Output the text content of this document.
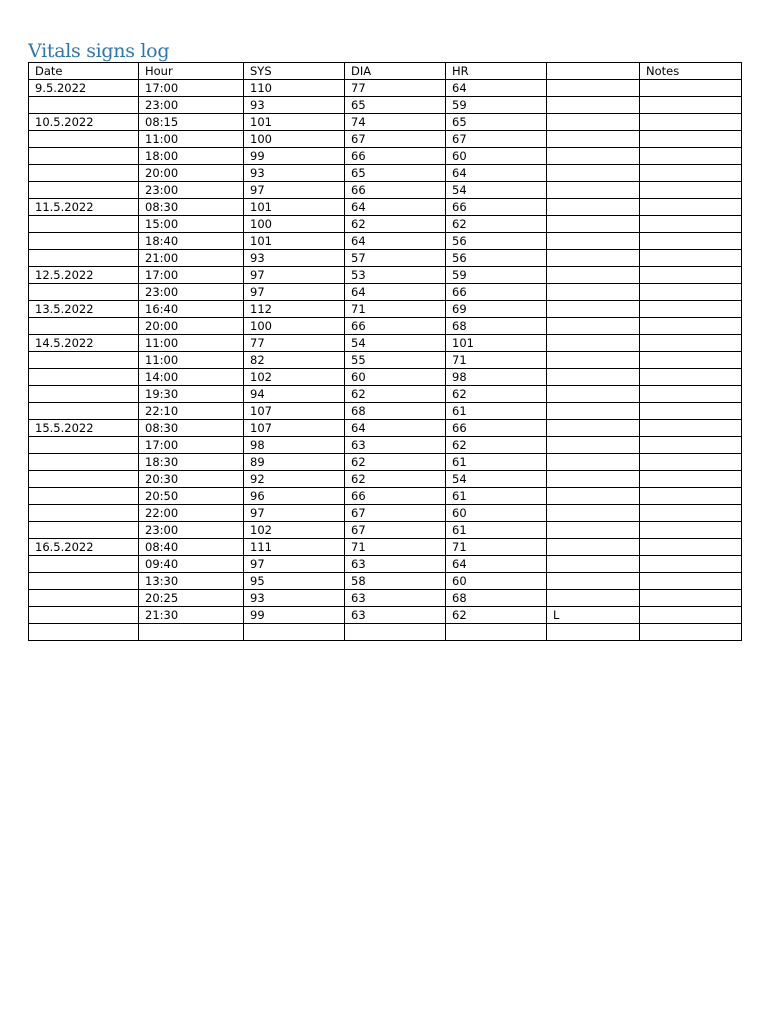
Vitals signs log
Date	Hour	SYS	DIA	HR		Notes
9.5.2022	17:00	110	77	64		
	23:00	93	65	59		
10.5.2022	08:15	101	74	65		
	11:00	100	67	67		
	18:00	99	66	60		
	20:00	93	65	64		
	23:00	97	66	54		
11.5.2022	08:30	101	64	66		
	15:00	100	62	62		
	18:40	101	64	56		
	21:00	93	57	56		
12.5.2022	17:00	97	53	59		
	23:00	97	64	66		
13.5.2022	16:40	112	71	69		
	20:00	100	66	68		
14.5.2022	11:00	77	54	101		
	11:00	82	55	71		
	14:00	102	60	98		
	19:30	94	62	62		
	22:10	107	68	61		
15.5.2022	08:30	107	64	66		
	17:00	98	63	62		
	18:30	89	62	61		
	20:30	92	62	54		
	20:50	96	66	61		
	22:00	97	67	60		
	23:00	102	67	61		
16.5.2022	08:40	111	71	71		
	09:40	97	63	64		
	13:30	95	58	60		
	20:25	93	63	68		
	21:30	99	63	62	L	
